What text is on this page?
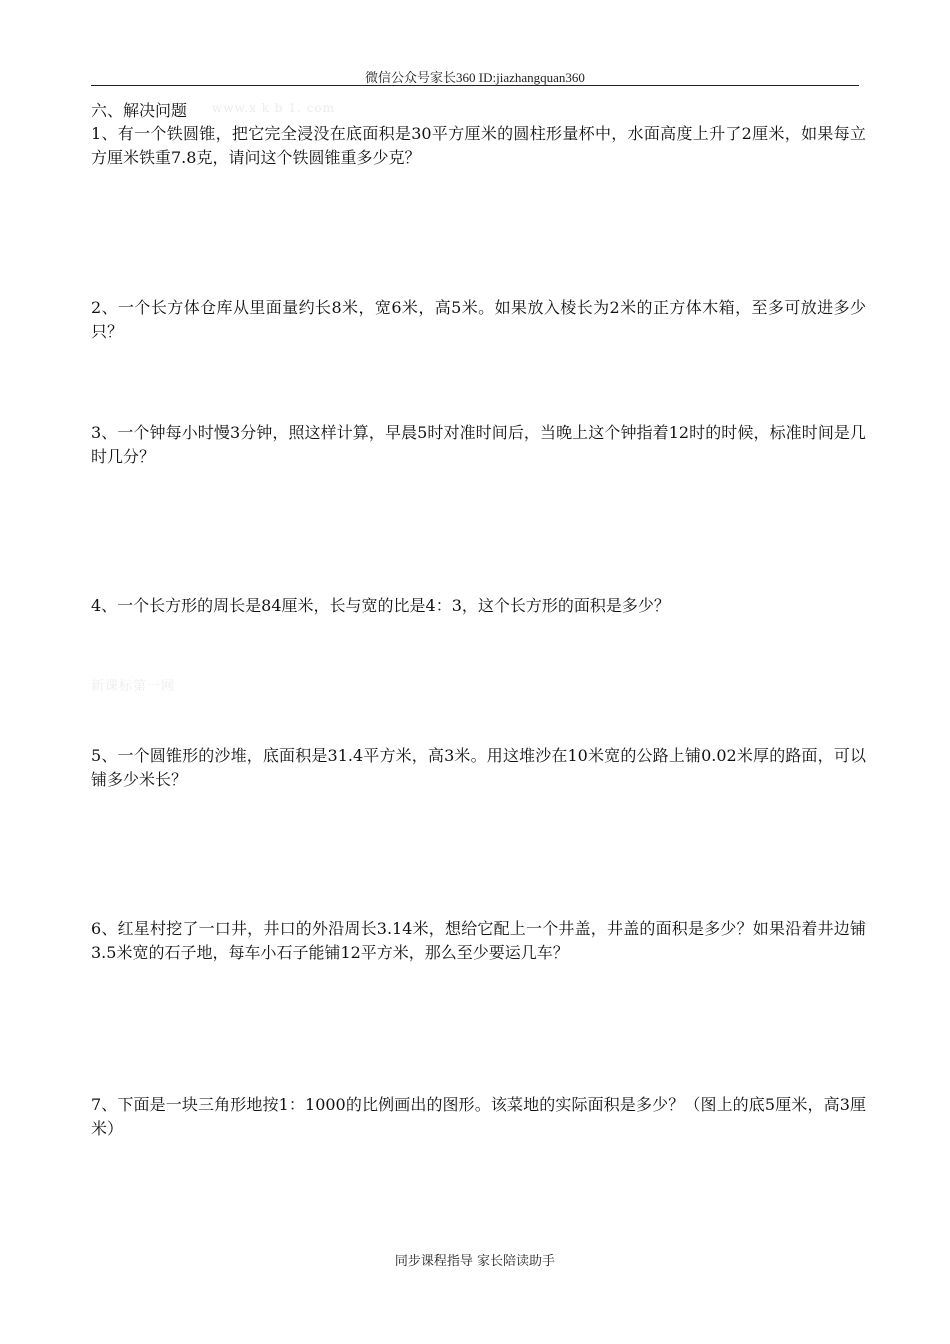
微信公众号家长360 ID:jiazhangquan360
六、解决问题 www.x k b 1. com
1、有一个铁圆锥，把它完全浸没在底面积是30平方厘米的圆柱形量杯中，水面高度上升了2厘米，如果每立方厘米铁重7.8克，请问这个铁圆锥重多少克？
2、一个长方体仓库从里面量约长8米，宽6米，高5米。如果放入棱长为2米的正方体木箱，至多可放进多少只？
3、一个钟每小时慢3分钟，照这样计算，早晨5时对准时间后，当晚上这个钟指着12时的时候，标准时间是几时几分？
4、一个长方形的周长是84厘米，长与宽的比是4：3，这个长方形的面积是多少？
新课标第一网
5、一个圆锥形的沙堆，底面积是31.4平方米，高3米。用这堆沙在10米宽的公路上铺0.02米厚的路面，可以铺多少米长？
6、红星村挖了一口井，井口的外沿周长3.14米，想给它配上一个井盖，井盖的面积是多少？如果沿着井边铺3.5米宽的石子地，每车小石子能铺12平方米，那么至少要运几车？
7、下面是一块三角形地按1：1000的比例画出的图形。该菜地的实际面积是多少？（图上的底5厘米，高3厘米）
同步课程指导 家长陪读助手
